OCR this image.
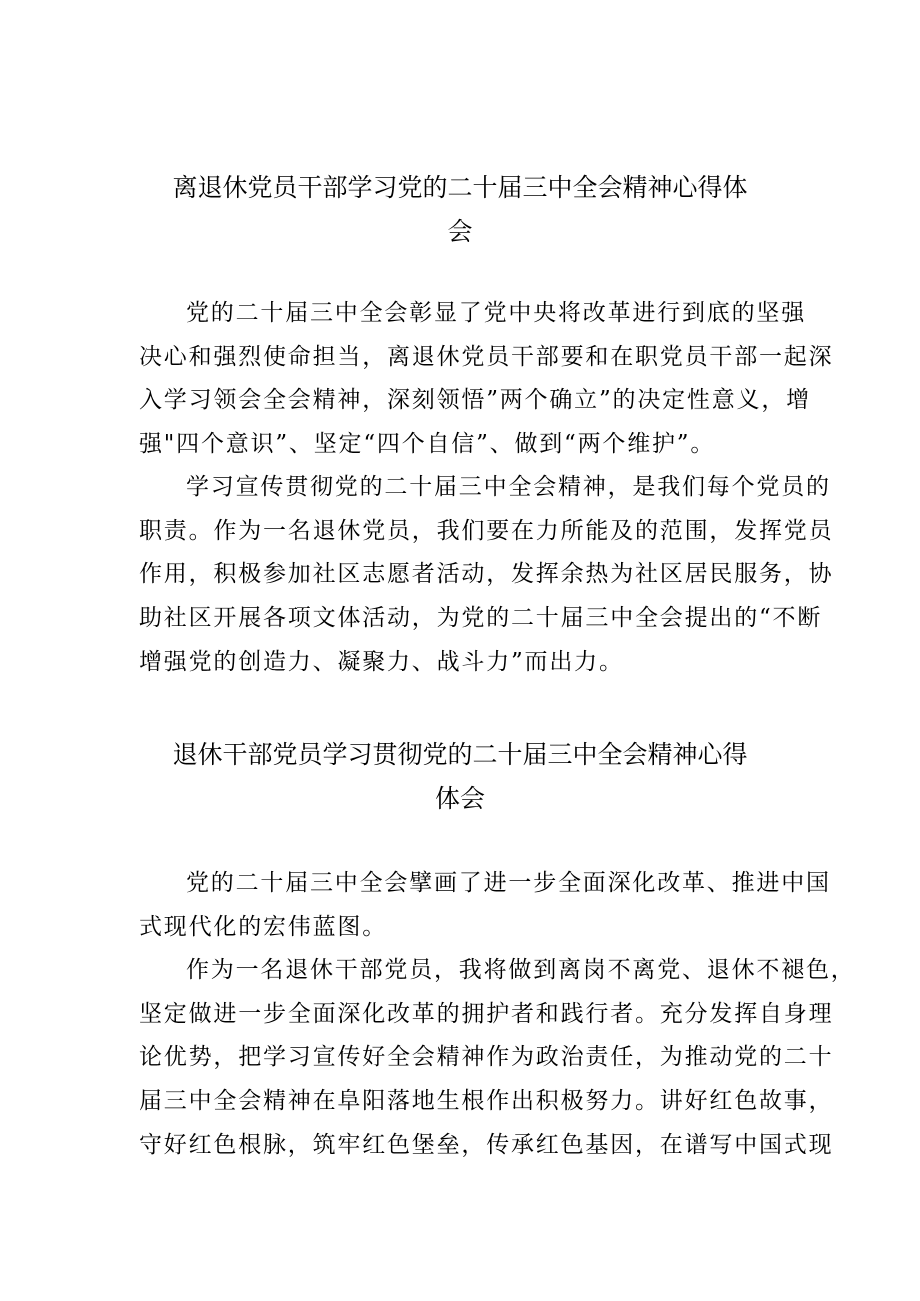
离退休党员干部学习党的二十届三中全会精神心得体
会
党的二十届三中全会彰显了党中央将改革进行到底的坚强
决心和强烈使命担当，离退休党员干部要和在职党员干部一起深
入学习领会全会精神，深刻领悟”两个确立”的决定性意义，增
强"四个意识”、坚定“四个自信”、做到“两个维护”。
学习宣传贯彻党的二十届三中全会精神，是我们每个党员的
职责。作为一名退休党员，我们要在力所能及的范围，发挥党员
作用，积极参加社区志愿者活动，发挥余热为社区居民服务，协
助社区开展各项文体活动，为党的二十届三中全会提出的“不断
增强党的创造力、凝聚力、战斗力”而出力。
退休干部党员学习贯彻党的二十届三中全会精神心得
体会
党的二十届三中全会擘画了进一步全面深化改革、推进中国
式现代化的宏伟蓝图。
作为一名退休干部党员，我将做到离岗不离党、退休不褪色，
坚定做进一步全面深化改革的拥护者和践行者。充分发挥自身理
论优势，把学习宣传好全会精神作为政治责任，为推动党的二十
届三中全会精神在阜阳落地生根作出积极努力。讲好红色故事，
守好红色根脉，筑牢红色堡垒，传承红色基因，在谱写中国式现
